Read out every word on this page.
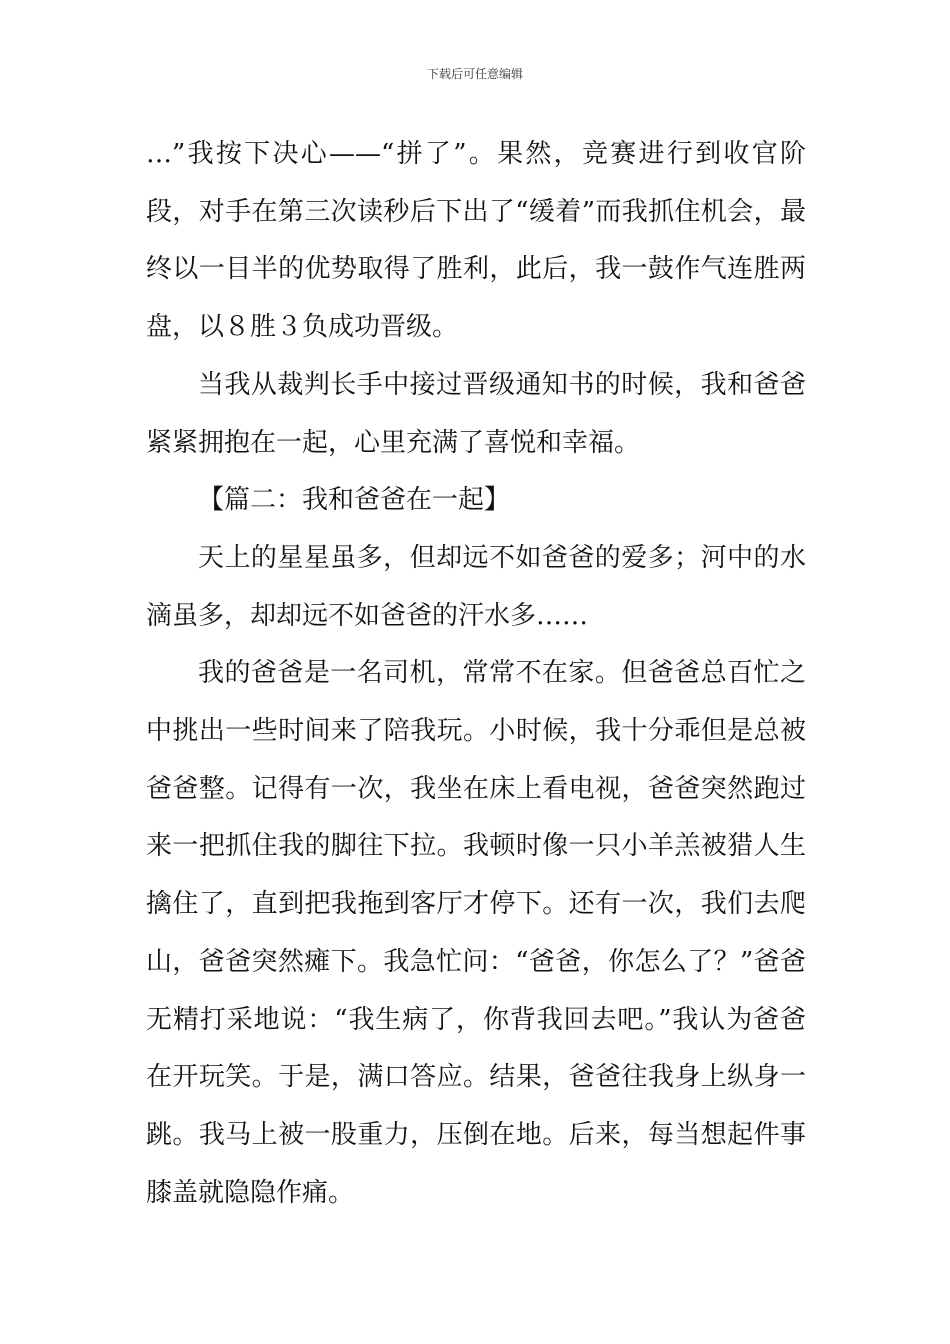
下载后可任意编辑

…”我按下决心——“拼了”。果然，竞赛进行到收官阶段，对手在第三次读秒后下出了“缓着”而我抓住机会，最终以一目半的优势取得了胜利，此后，我一鼓作气连胜两盘，以８胜３负成功晋级。

当我从裁判长手中接过晋级通知书的时候，我和爸爸紧紧拥抱在一起，心里充满了喜悦和幸福。

【篇二：我和爸爸在一起】

天上的星星虽多，但却远不如爸爸的爱多；河中的水滴虽多，却却远不如爸爸的汗水多……

我的爸爸是一名司机，常常不在家。但爸爸总百忙之中挑出一些时间来了陪我玩。小时候，我十分乖但是总被爸爸整。记得有一次，我坐在床上看电视，爸爸突然跑过来一把抓住我的脚往下拉。我顿时像一只小羊羔被猎人生擒住了，直到把我拖到客厅才停下。还有一次，我们去爬山，爸爸突然瘫下。我急忙问：“爸爸，你怎么了？”爸爸无精打采地说：“我生病了，你背我回去吧。”我认为爸爸在开玩笑。于是，满口答应。结果，爸爸往我身上纵身一跳。我马上被一股重力，压倒在地。后来，每当想起件事膝盖就隐隐作痛。
